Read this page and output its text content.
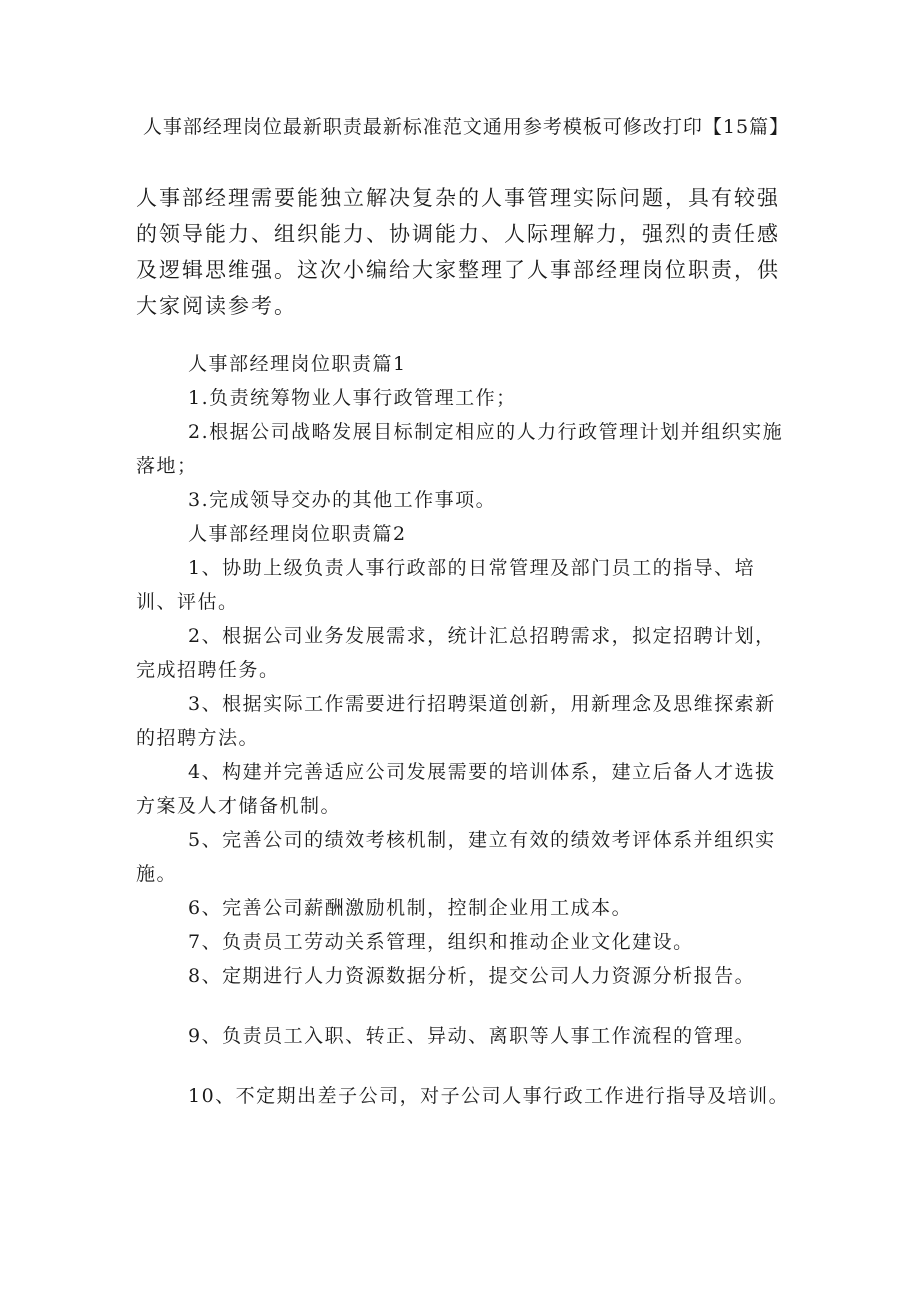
人事部经理岗位最新职责最新标准范文通用参考模板可修改打印【15篇】
人事部经理需要能独立解决复杂的人事管理实际问题，具有较强的领导能力、组织能力、协调能力、人际理解力，强烈的责任感及逻辑思维强。这次小编给大家整理了人事部经理岗位职责，供大家阅读参考。

人事部经理岗位职责篇1

1.负责统筹物业人事行政管理工作；

2.根据公司战略发展目标制定相应的人力行政管理计划并组织实施落地；

3.完成领导交办的其他工作事项。

人事部经理岗位职责篇2

1、协助上级负责人事行政部的日常管理及部门员工的指导、培训、评估。

2、根据公司业务发展需求，统计汇总招聘需求，拟定招聘计划，完成招聘任务。

3、根据实际工作需要进行招聘渠道创新，用新理念及思维探索新的招聘方法。

4、构建并完善适应公司发展需要的培训体系，建立后备人才选拔方案及人才储备机制。

5、完善公司的绩效考核机制，建立有效的绩效考评体系并组织实施。

6、完善公司薪酬激励机制，控制企业用工成本。

7、负责员工劳动关系管理，组织和推动企业文化建设。

8、定期进行人力资源数据分析，提交公司人力资源分析报告。

9、负责员工入职、转正、异动、离职等人事工作流程的管理。

10、不定期出差子公司，对子公司人事行政工作进行指导及培训。
